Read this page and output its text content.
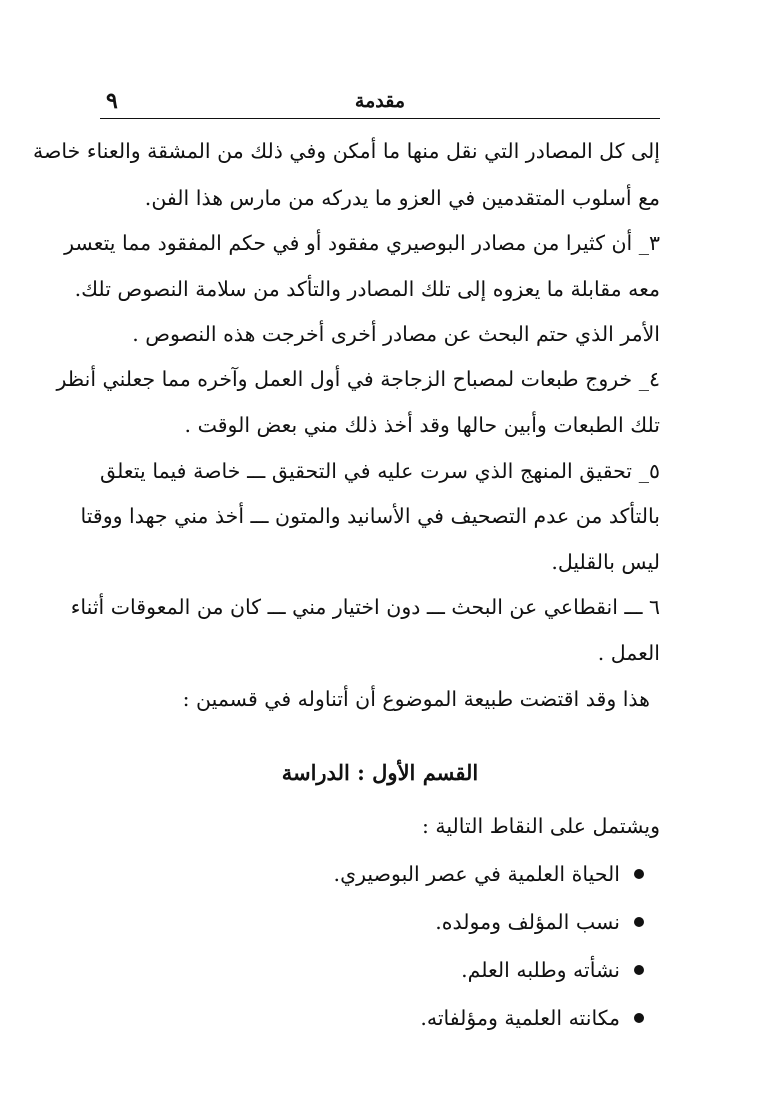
مقدمة
٩
إلى كل المصادر التي نقل منها ما أمكن وفي ذلك من المشقة والعناء خاصة
مع أسلوب المتقدمين في العزو ما يدركه من مارس هذا الفن.
٣_ أن كثيرا من مصادر البوصيري مفقود أو في حكم المفقود مما يتعسر
معه مقابلة ما يعزوه إلى تلك المصادر والتأكد من سلامة النصوص تلك.
الأمر الذي حتم البحث عن مصادر أخرى أخرجت هذه النصوص .
٤_ خروج طبعات لمصباح الزجاجة في أول العمل وآخره مما جعلني أنظر
تلك الطبعات وأبين حالها وقد أخذ ذلك مني بعض الوقت .
٥_ تحقيق المنهج الذي سرت عليه في التحقيق ـــ خاصة فيما يتعلق
بالتأكد من عدم التصحيف في الأسانيد والمتون ـــ أخذ مني جهدا ووقتا
ليس بالقليل.
٦ ـــ انقطاعي عن البحث ـــ دون اختيار مني ـــ كان من المعوقات أثناء
العمل .
هذا وقد اقتضت طبيعة الموضوع أن أتناوله في قسمين :
القسم الأول : الدراسة
ويشتمل على النقاط التالية :
الحياة العلمية في عصر البوصيري.
نسب المؤلف ومولده.
نشأته وطلبه العلم.
مكانته العلمية ومؤلفاته.
